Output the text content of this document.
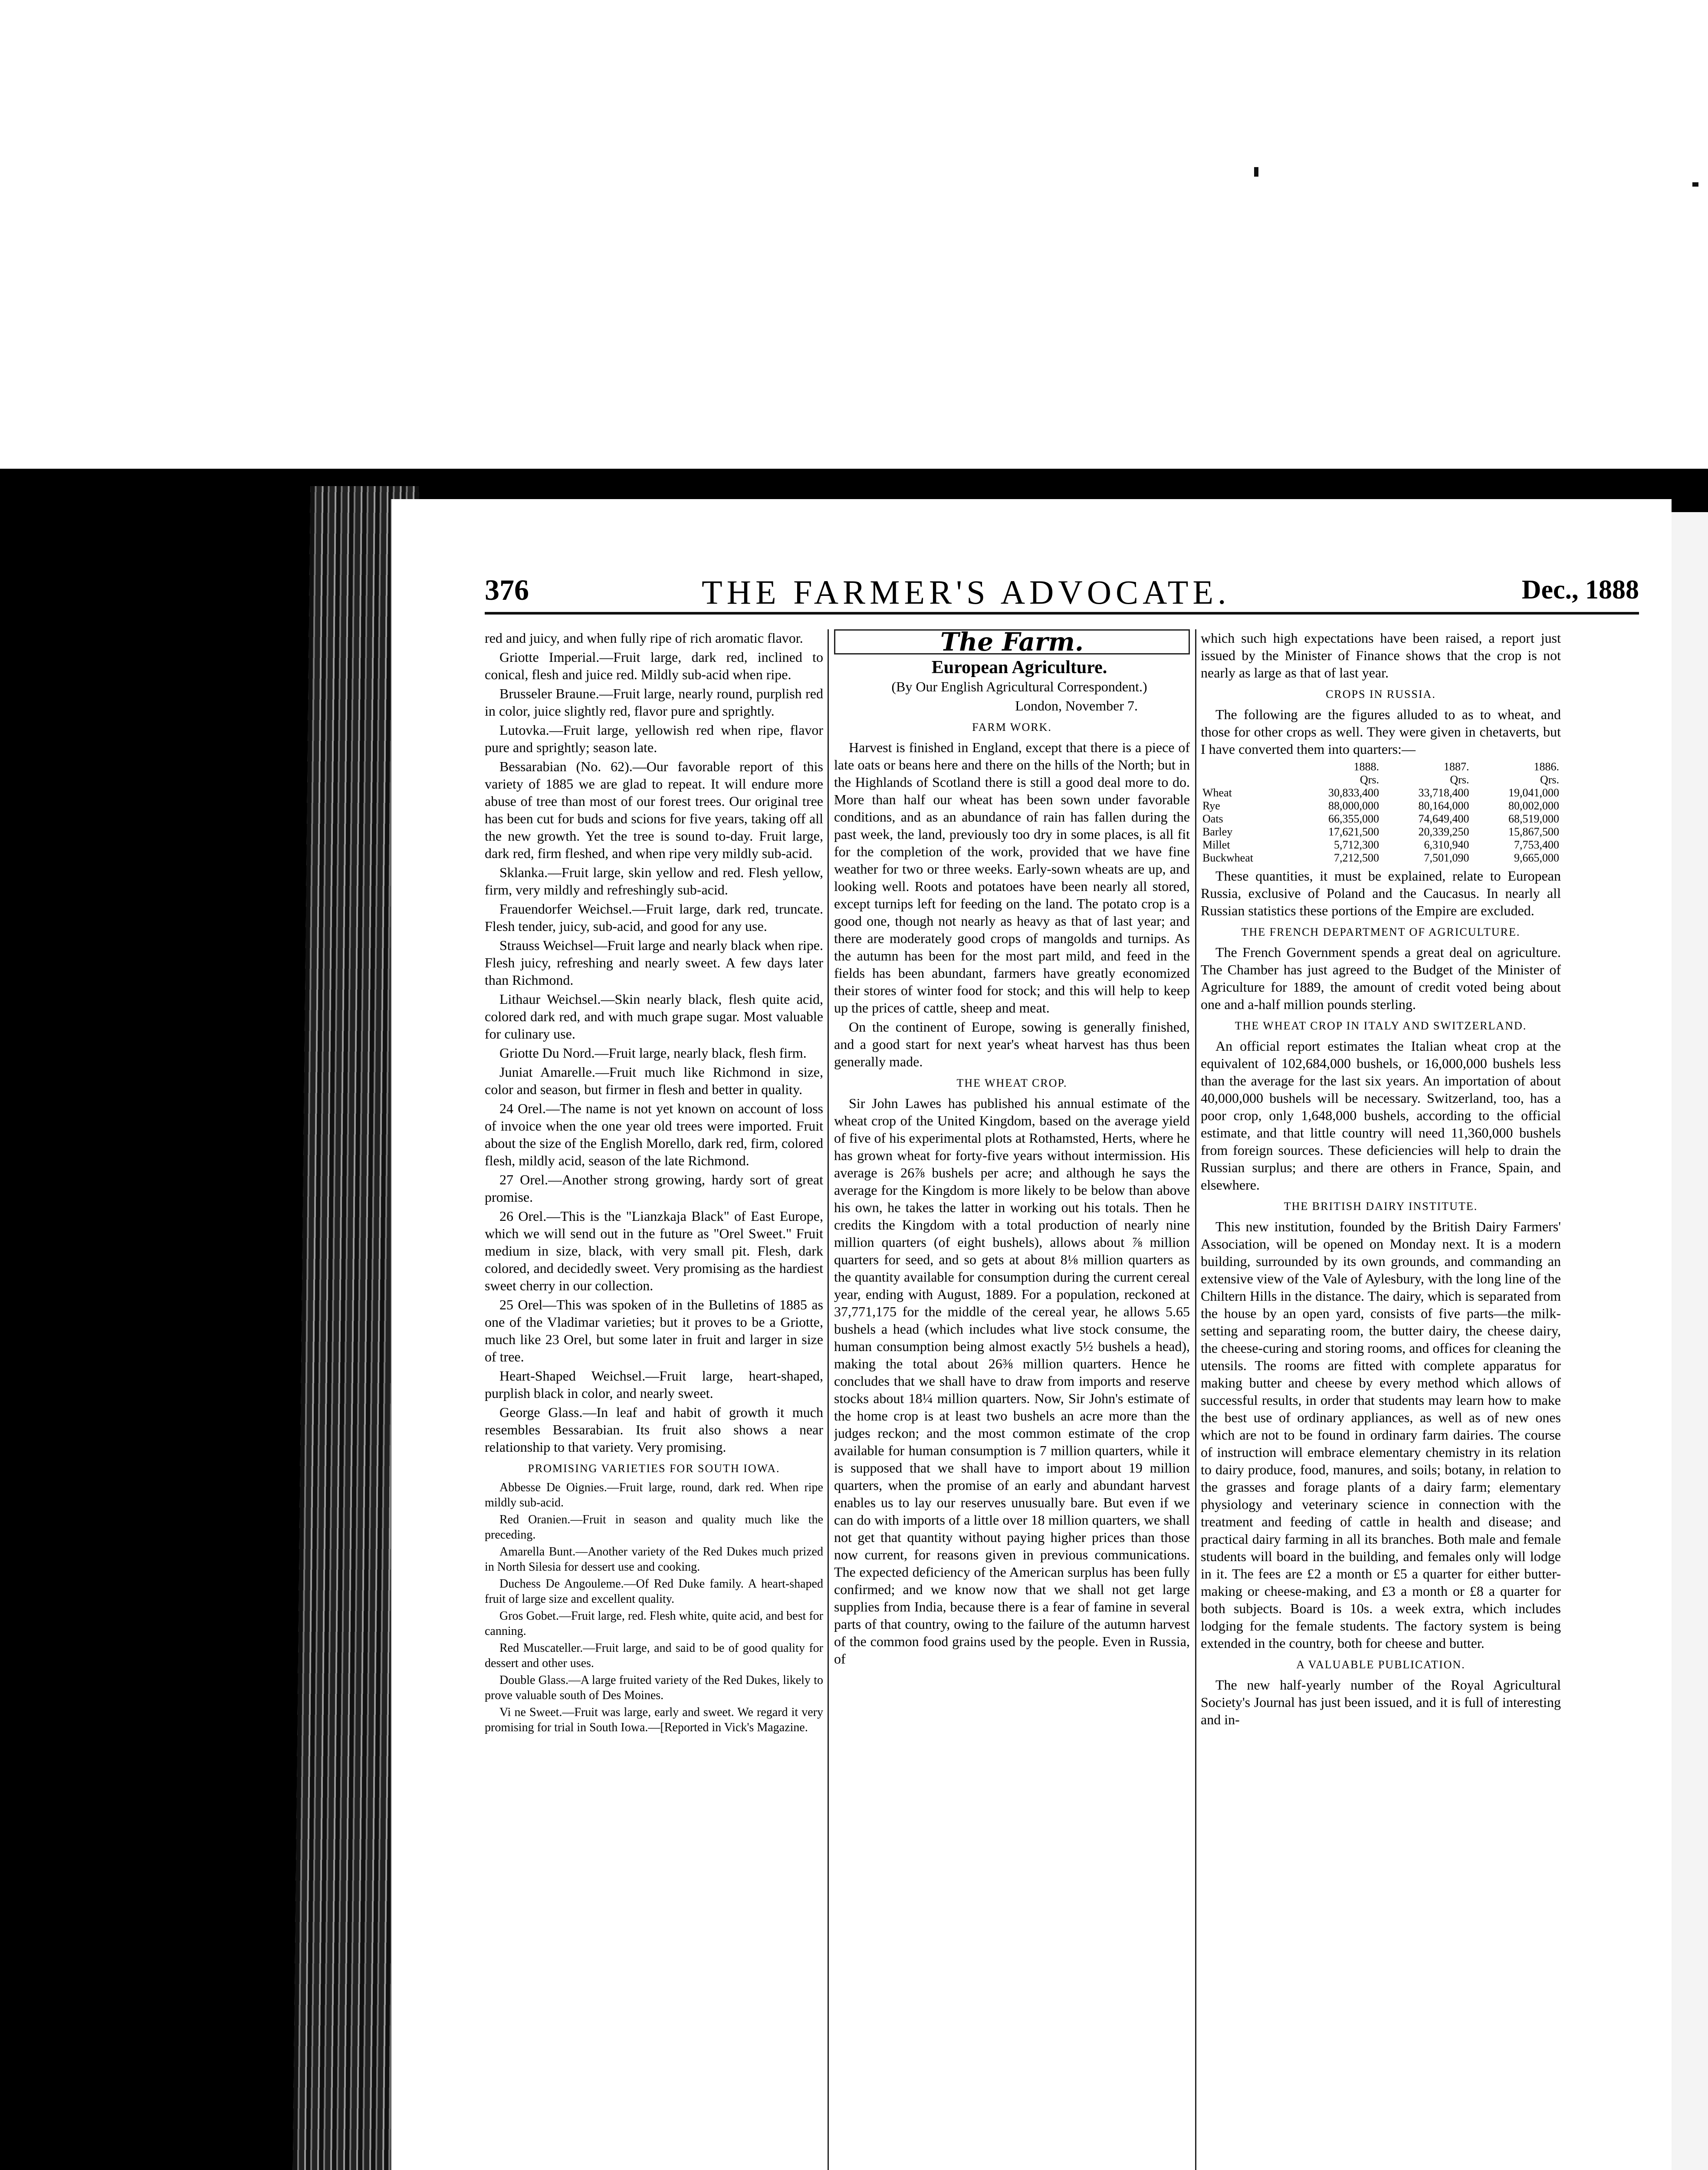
376	THE FARMER'S ADVOCATE.	Dec., 1888

red and juicy, and when fully ripe of rich aromatic flavor.

Griotte Imperial.—Fruit large, dark red, inclined to conical, flesh and juice red. Mildly sub-acid when ripe.

Brusseler Braune.—Fruit large, nearly round, purplish red in color, juice slightly red, flavor pure and sprightly.

Lutovka.—Fruit large, yellowish red when ripe, flavor pure and sprightly; season late.

Bessarabian (No. 62).—Our favorable report of this variety of 1885 we are glad to repeat. It will endure more abuse of tree than most of our forest trees. Our original tree has been cut for buds and scions for five years, taking off all the new growth. Yet the tree is sound to-day. Fruit large, dark red, firm fleshed, and when ripe very mildly sub-acid.

Sklanka.—Fruit large, skin yellow and red. Flesh yellow, firm, very mildly and refreshingly sub-acid.

Frauendorfer Weichsel.—Fruit large, dark red, truncate. Flesh tender, juicy, sub-acid, and good for any use.

Strauss Weichsel—Fruit large and nearly black when ripe. Flesh juicy, refreshing and nearly sweet. A few days later than Richmond.

Lithaur Weichsel.—Skin nearly black, flesh quite acid, colored dark red, and with much grape sugar. Most valuable for culinary use.

Griotte Du Nord.—Fruit large, nearly black, flesh firm.

Juniat Amarelle.—Fruit much like Richmond in size, color and season, but firmer in flesh and better in quality.

24 Orel.—The name is not yet known on account of loss of invoice when the one year old trees were imported. Fruit about the size of the English Morello, dark red, firm, colored flesh, mildly acid, season of the late Richmond.

27 Orel.—Another strong growing, hardy sort of great promise.

26 Orel.—This is the "Lianzkaja Black" of East Europe, which we will send out in the future as "Orel Sweet." Fruit medium in size, black, with very small pit. Flesh, dark colored, and decidedly sweet. Very promising as the hardiest sweet cherry in our collection.

25 Orel—This was spoken of in the Bulletins of 1885 as one of the Vladimar varieties; but it proves to be a Griotte, much like 23 Orel, but some later in fruit and larger in size of tree.

Heart-Shaped Weichsel.—Fruit large, heart-shaped, purplish black in color, and nearly sweet.

George Glass.—In leaf and habit of growth it much resembles Bessarabian. Its fruit also shows a near relationship to that variety. Very promising.

PROMISING VARIETIES FOR SOUTH IOWA.

Abbesse De Oignies.—Fruit large, round, dark red. When ripe mildly sub-acid.

Red Oranien.—Fruit in season and quality much like the preceding.

Amarella Bunt.—Another variety of the Red Dukes much prized in North Silesia for dessert use and cooking.

Duchess De Angouleme.—Of Red Duke family. A heart-shaped fruit of large size and excellent quality.

Gros Gobet.—Fruit large, red. Flesh white, quite acid, and best for canning.

Red Muscateller.—Fruit large, and said to be of good quality for dessert and other uses.

Double Glass.—A large fruited variety of the Red Dukes, likely to prove valuable south of Des Moines.

Vi ne Sweet.—Fruit was large, early and sweet. We regard it very promising for trial in South Iowa.—[Reported in Vick's Magazine.

The Farm.

European Agriculture.

(By Our English Agricultural Correspondent.)

London, November 7.

FARM WORK.

Harvest is finished in England, except that there is a piece of late oats or beans here and there on the hills of the North; but in the Highlands of Scotland there is still a good deal more to do. More than half our wheat has been sown under favorable conditions, and as an abundance of rain has fallen during the past week, the land, previously too dry in some places, is all fit for the completion of the work, provided that we have fine weather for two or three weeks. Early-sown wheats are up, and looking well. Roots and potatoes have been nearly all stored, except turnips left for feeding on the land. The potato crop is a good one, though not nearly as heavy as that of last year; and there are moderately good crops of mangolds and turnips. As the autumn has been for the most part mild, and feed in the fields has been abundant, farmers have greatly economized their stores of winter food for stock; and this will help to keep up the prices of cattle, sheep and meat.

On the continent of Europe, sowing is generally finished, and a good start for next year's wheat harvest has thus been generally made.

THE WHEAT CROP.

Sir John Lawes has published his annual estimate of the wheat crop of the United Kingdom, based on the average yield of five of his experimental plots at Rothamsted, Herts, where he has grown wheat for forty-five years without intermission. His average is 26⅞ bushels per acre; and although he says the average for the Kingdom is more likely to be below than above his own, he takes the latter in working out his totals. Then he credits the Kingdom with a total production of nearly nine million quarters (of eight bushels), allows about ⅞ million quarters for seed, and so gets at about 8⅛ million quarters as the quantity available for consumption during the current cereal year, ending with August, 1889. For a population, reckoned at 37,771,175 for the middle of the cereal year, he allows 5.65 bushels a head (which includes what live stock consume, the human consumption being almost exactly 5½ bushels a head), making the total about 26⅜ million quarters. Hence he concludes that we shall have to draw from imports and reserve stocks about 18¼ million quarters. Now, Sir John's estimate of the home crop is at least two bushels an acre more than the judges reckon; and the most common estimate of the crop available for human consumption is 7 million quarters, while it is supposed that we shall have to import about 19 million quarters, when the promise of an early and abundant harvest enables us to lay our reserves unusually bare. But even if we can do with imports of a little over 18 million quarters, we shall not get that quantity without paying higher prices than those now current, for reasons given in previous communications. The expected deficiency of the American surplus has been fully confirmed; and we know now that we shall not get large supplies from India, because there is a fear of famine in several parts of that country, owing to the failure of the autumn harvest of the common food grains used by the people. Even in Russia, of

which such high expectations have been raised, a report just issued by the Minister of Finance shows that the crop is not nearly as large as that of last year.

CROPS IN RUSSIA.

The following are the figures alluded to as to wheat, and those for other crops as well. They were given in chetaverts, but I have converted them into quarters:—

	1888.	1887.	1886.
	Qrs.	Qrs.	Qrs.
Wheat	30,833,400	33,718,400	19,041,000
Rye	88,000,000	80,164,000	80,002,000
Oats	66,355,000	74,649,400	68,519,000
Barley	17,621,500	20,339,250	15,867,500
Millet	5,712,300	6,310,940	7,753,400
Buckwheat	7,212,500	7,501,090	9,665,000

These quantities, it must be explained, relate to European Russia, exclusive of Poland and the Caucasus. In nearly all Russian statistics these portions of the Empire are excluded.

THE FRENCH DEPARTMENT OF AGRICULTURE.

The French Government spends a great deal on agriculture. The Chamber has just agreed to the Budget of the Minister of Agriculture for 1889, the amount of credit voted being about one and a-half million pounds sterling.

THE WHEAT CROP IN ITALY AND SWITZERLAND.

An official report estimates the Italian wheat crop at the equivalent of 102,684,000 bushels, or 16,000,000 bushels less than the average for the last six years. An importation of about 40,000,000 bushels will be necessary. Switzerland, too, has a poor crop, only 1,648,000 bushels, according to the official estimate, and that little country will need 11,360,000 bushels from foreign sources. These deficiencies will help to drain the Russian surplus; and there are others in France, Spain, and elsewhere.

THE BRITISH DAIRY INSTITUTE.

This new institution, founded by the British Dairy Farmers' Association, will be opened on Monday next. It is a modern building, surrounded by its own grounds, and commanding an extensive view of the Vale of Aylesbury, with the long line of the Chiltern Hills in the distance. The dairy, which is separated from the house by an open yard, consists of five parts—the milk-setting and separating room, the butter dairy, the cheese dairy, the cheese-curing and storing rooms, and offices for cleaning the utensils. The rooms are fitted with complete apparatus for making butter and cheese by every method which allows of successful results, in order that students may learn how to make the best use of ordinary appliances, as well as of new ones which are not to be found in ordinary farm dairies. The course of instruction will embrace elementary chemistry in its relation to dairy produce, food, manures, and soils; botany, in relation to the grasses and forage plants of a dairy farm; elementary physiology and veterinary science in connection with the treatment and feeding of cattle in health and disease; and practical dairy farming in all its branches. Both male and female students will board in the building, and females only will lodge in it. The fees are £2 a month or £5 a quarter for either butter-making or cheese-making, and £3 a month or £8 a quarter for both subjects. Board is 10s. a week extra, which includes lodging for the female students. The factory system is being extended in the country, both for cheese and butter.

A VALUABLE PUBLICATION.

The new half-yearly number of the Royal Agricultural Society's Journal has just been issued, and it is full of interesting and in-
